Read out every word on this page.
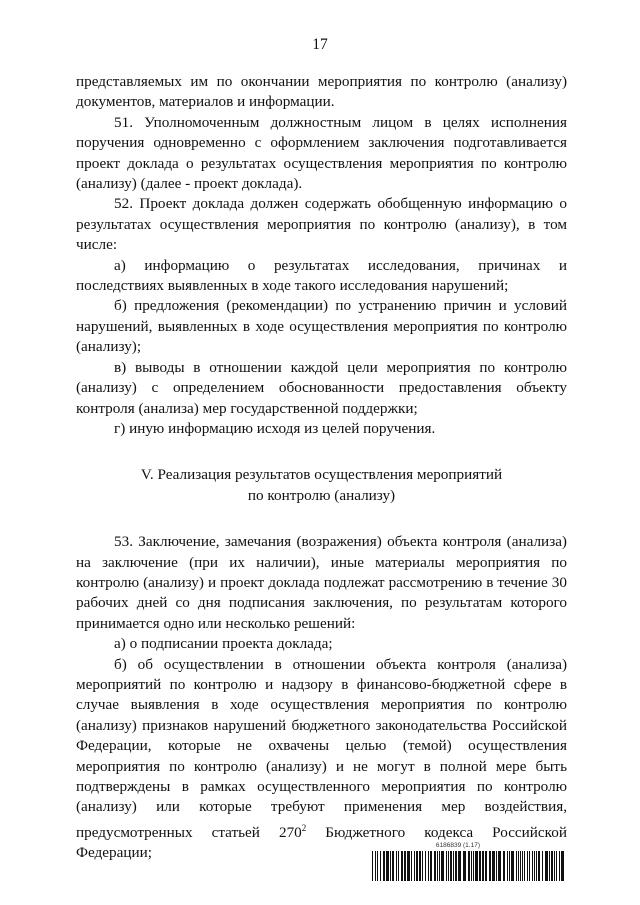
17

представляемых им по окончании мероприятия по контролю (анализу) документов, материалов и информации.

51. Уполномоченным должностным лицом в целях исполнения поручения одновременно с оформлением заключения подготавливается проект доклада о результатах осуществления мероприятия по контролю (анализу) (далее - проект доклада).

52. Проект доклада должен содержать обобщенную информацию о результатах осуществления мероприятия по контролю (анализу), в том числе:

а) информацию о результатах исследования, причинах и последствиях выявленных в ходе такого исследования нарушений;

б) предложения (рекомендации) по устранению причин и условий нарушений, выявленных в ходе осуществления мероприятия по контролю (анализу);

в) выводы в отношении каждой цели мероприятия по контролю (анализу) с определением обоснованности предоставления объекту контроля (анализа) мер государственной поддержки;

г) иную информацию исходя из целей поручения.

V. Реализация результатов осуществления мероприятий
по контролю (анализу)

53. Заключение, замечания (возражения) объекта контроля (анализа) на заключение (при их наличии), иные материалы мероприятия по контролю (анализу) и проект доклада подлежат рассмотрению в течение 30 рабочих дней со дня подписания заключения, по результатам которого принимается одно или несколько решений:

а) о подписании проекта доклада;

б) об осуществлении в отношении объекта контроля (анализа) мероприятий по контролю и надзору в финансово-бюджетной сфере в случае выявления в ходе осуществления мероприятия по контролю (анализу) признаков нарушений бюджетного законодательства Российской Федерации, которые не охвачены целью (темой) осуществления мероприятия по контролю (анализу) и не могут в полной мере быть подтверждены в рамках осуществленного мероприятия по контролю (анализу) или которые требуют применения мер воздействия, предусмотренных статьей $270^2$ Бюджетного кодекса Российской Федерации;	6186839 (1.17)
